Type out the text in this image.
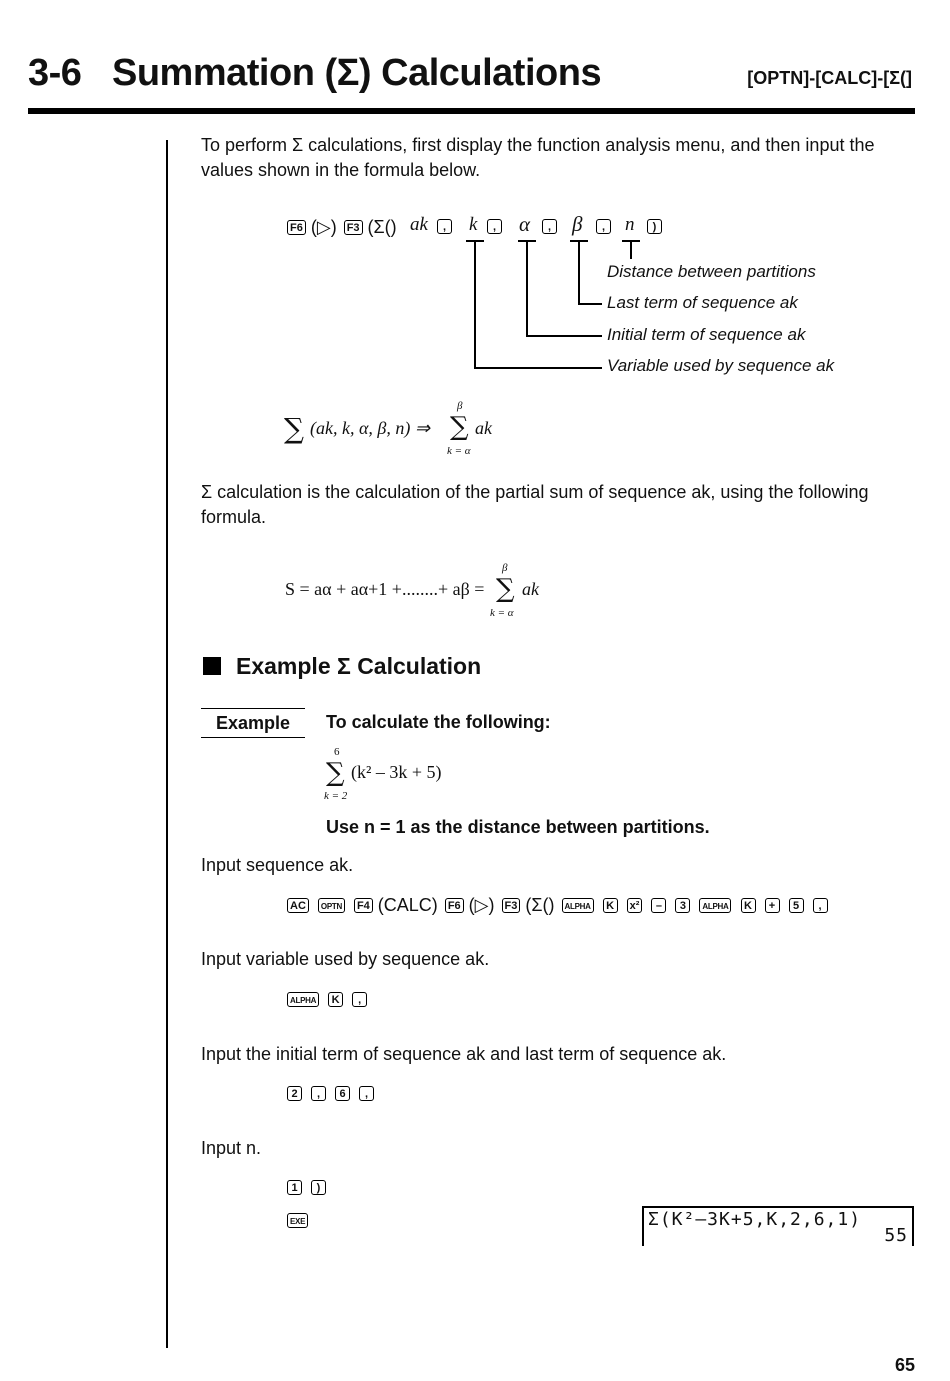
3-6 Summation (Σ) Calculations	[OPTN]-[CALC]-[Σ(]
To perform Σ calculations, first display the function analysis menu, and then input the values shown in the formula below.
F6 (▷) F3 (Σ() ak	,	k	, α	, β	,	n	)
Distance between partitions
Last term of sequence ak
Initial term of sequence ak
Variable used by sequence ak
∑ (ak, k, α, β, n) ⇒
β
∑
k = α
ak
Σ calculation is the calculation of the partial sum of sequence ak, using the following formula.
S = aα + aα+1 +........+ aβ =
β
∑
k = α
ak
Example Σ Calculation
Example	To calculate the following:
6
∑
k = 2
(k² – 3k + 5)
Use n = 1 as the distance between partitions.
Input sequence ak.
AC OPTN F4 (CALC) F6 (▷) F3 (Σ() ALPHA K x² – 3 ALPHA K + 5 ,
Input variable used by sequence ak.
ALPHA K ,
Input the initial term of sequence ak and last term of sequence ak.
2 , 6 ,
Input n.
1 )
EXE	Σ(K²–3K+5,K,2,6,1)
55
65
